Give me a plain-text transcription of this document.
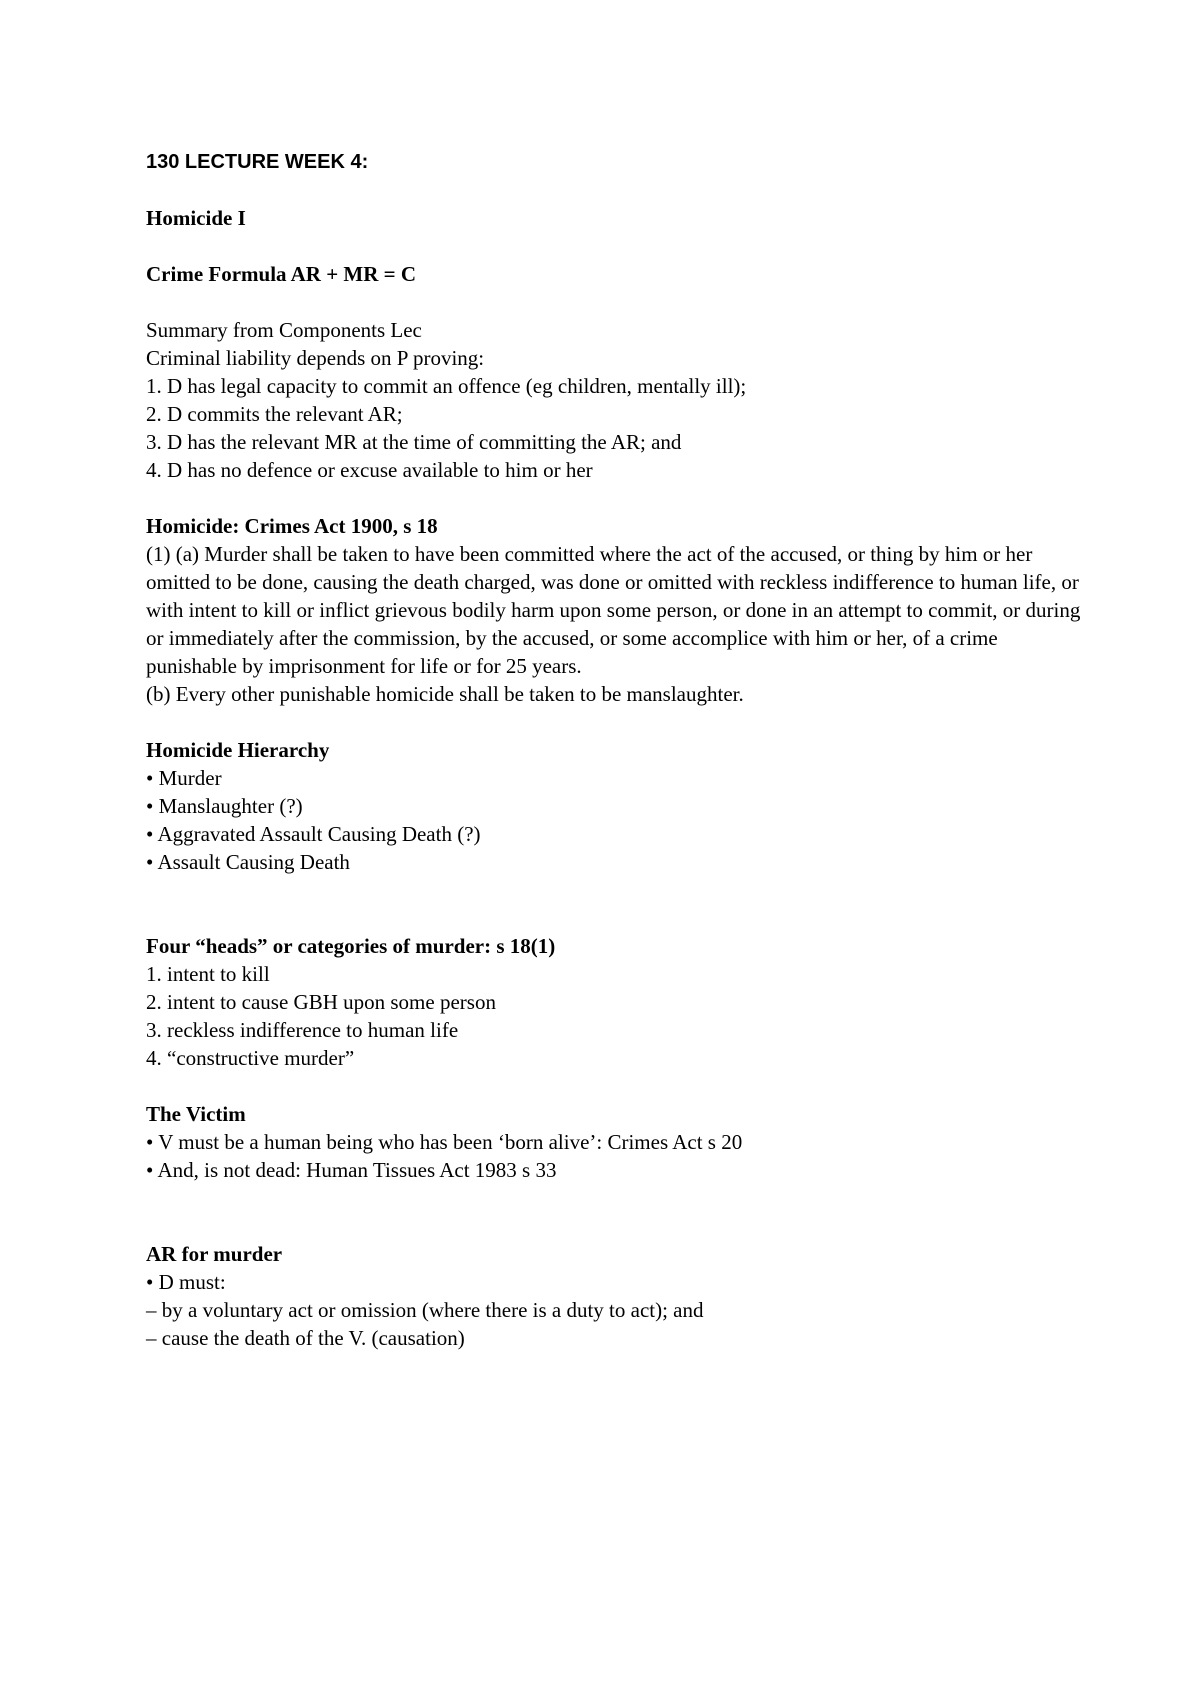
130 LECTURE WEEK 4:
Homicide I
Crime Formula AR + MR = C
Summary from Components Lec
Criminal liability depends on P proving:
1. D has legal capacity to commit an offence (eg children, mentally ill);
2. D commits the relevant AR;
3. D has the relevant MR at the time of committing the AR; and
4. D has no defence or excuse available to him or her
Homicide: Crimes Act 1900, s 18

(1) (a) Murder shall be taken to have been committed where the act of the accused, or thing by him or her omitted to be done, causing the death charged, was done or omitted with reckless indifference to human life, or with intent to kill or inflict grievous bodily harm upon some person, or done in an attempt to commit, or during or immediately after the commission, by the accused, or some accomplice with him or her, of a crime punishable by imprisonment for life or for 25 years.

(b) Every other punishable homicide shall be taken to be manslaughter.

Homicide Hierarchy
• Murder
• Manslaughter (?)
• Aggravated Assault Causing Death (?)
• Assault Causing Death
Four “heads” or categories of murder: s 18(1)
1. intent to kill
2. intent to cause GBH upon some person
3. reckless indifference to human life
4. “constructive murder”
The Victim
• V must be a human being who has been ‘born alive’: Crimes Act s 20
• And, is not dead: Human Tissues Act 1983 s 33
AR for murder
• D must:
– by a voluntary act or omission (where there is a duty to act); and
– cause the death of the V. (causation)
